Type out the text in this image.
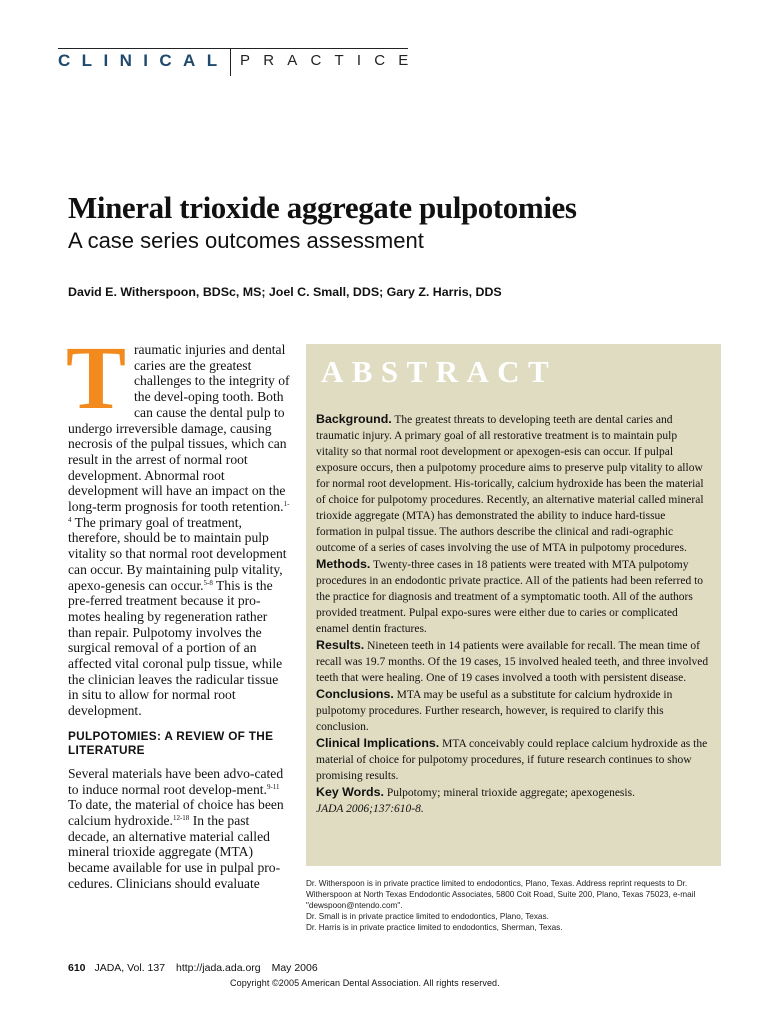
CLINICAL PRACTICE
Mineral trioxide aggregate pulpotomies
A case series outcomes assessment
David E. Witherspoon, BDSc, MS; Joel C. Small, DDS; Gary Z. Harris, DDS
T raumatic injuries and dental caries are the greatest challenges to the integrity of the devel-oping tooth. Both can cause the dental pulp to undergo irreversible damage, causing necrosis of the pulpal tissues, which can result in the arrest of normal root development. Abnormal root development will have an impact on the long-term prognosis for tooth retention.$^{1-4}$ The primary goal of treatment, therefore, should be to maintain pulp vitality so that normal root development can occur. By maintaining pulp vitality, apexo-genesis can occur.$^{5-8}$ This is the pre-ferred treatment because it pro-motes healing by regeneration rather than repair. Pulpotomy involves the surgical removal of a portion of an affected vital coronal pulp tissue, while the clinician leaves the radicular tissue in situ to allow for normal root development.

PULPOTOMIES: A REVIEW OF THE LITERATURE

Several materials have been advo-cated to induce normal root develop-ment.$^{9-11}$ To date, the material of choice has been calcium hydroxide.$^{12-18}$ In the past decade, an alternative material called mineral trioxide aggregate (MTA) became available for use in pulpal pro-cedures. Clinicians should evaluate

ABSTRACT

Background. The greatest threats to developing teeth are dental caries and traumatic injury. A primary goal of all restorative treatment is to maintain pulp vitality so that normal root development or apexogen-esis can occur. If pulpal exposure occurs, then a pulpotomy procedure aims to preserve pulp vitality to allow for normal root development. His-torically, calcium hydroxide has been the material of choice for pulpotomy procedures. Recently, an alternative material called mineral trioxide aggregate (MTA) has demonstrated the ability to induce hard-tissue formation in pulpal tissue. The authors describe the clinical and radi-ographic outcome of a series of cases involving the use of MTA in pulpotomy procedures.

Methods. Twenty-three cases in 18 patients were treated with MTA pulpotomy procedures in an endodontic private practice. All of the patients had been referred to the practice for diagnosis and treatment of a symptomatic tooth. All of the authors provided treatment. Pulpal expo-sures were either due to caries or complicated enamel dentin fractures.

Results. Nineteen teeth in 14 patients were available for recall. The mean time of recall was 19.7 months. Of the 19 cases, 15 involved healed teeth, and three involved teeth that were healing. One of 19 cases involved a tooth with persistent disease.

Conclusions. MTA may be useful as a substitute for calcium hydroxide in pulpotomy procedures. Further research, however, is required to clarify this conclusion.

Clinical Implications. MTA conceivably could replace calcium hydroxide as the material of choice for pulpotomy procedures, if future research continues to show promising results.

Key Words. Pulpotomy; mineral trioxide aggregate; apexogenesis.

JADA 2006;137:610-8.

Dr. Witherspoon is in private practice limited to endodontics, Plano, Texas. Address reprint requests to Dr. Witherspoon at North Texas Endodontic Associates, 5800 Coit Road, Suite 200, Plano, Texas 75023, e-mail "dewspoon@ntendo.com".

Dr. Small is in private practice limited to endodontics, Plano, Texas.

Dr. Harris is in private practice limited to endodontics, Sherman, Texas.

610 JADA, Vol. 137 http://jada.ada.org May 2006
Copyright ©2005 American Dental Association. All rights reserved.
